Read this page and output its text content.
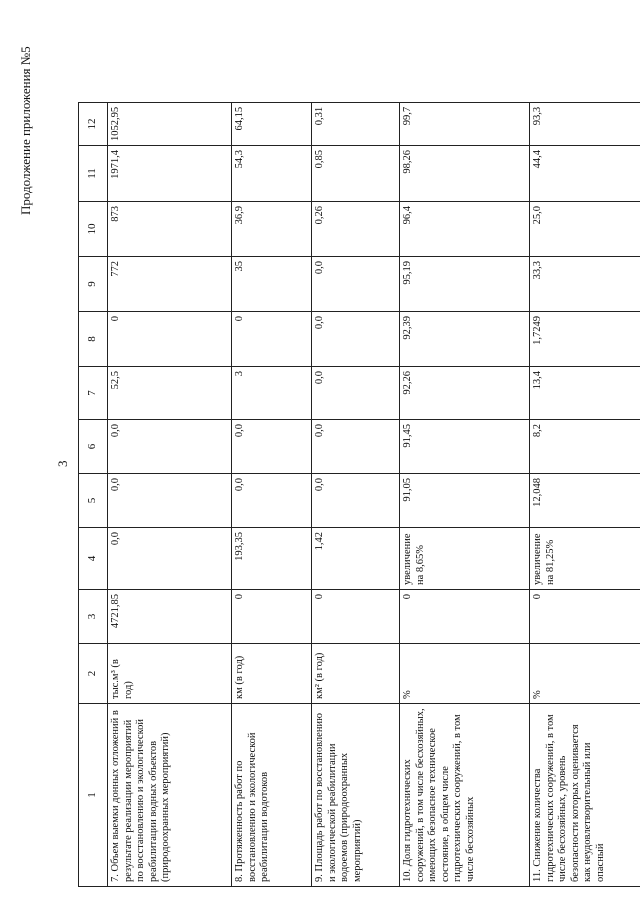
Продолжение приложения №5
3
1	2	3	4	5	6	7	8	9	10	11	12
7. Объем выемки донных отложений в результате реализации мероприятий по восстановлению и экологической реабилитации водных объектов (природоохранных мероприятий)	тыс.м³ (в год)	4721,85	0,0	0,0	0,0	52,5	0	772	873	1971,4	1052,95
8. Протяженность работ по восстановлению и экологической реабилитации водотоков	км (в год)	0	193,35	0,0	0,0	3	0	35	36,9	54,3	64,15
9. Площадь работ по восстановлению и экологической реабилитации водоемов (природоохранных мероприятий)	км² (в год)	0	1,42	0,0	0,0	0,0	0,0	0,0	0,26	0,85	0,31
10. Доля гидротехнических сооружений, в том числе бесхозяйных, имеющих безопасное техническое состояние, в общем числе гидротехнических сооружений, в том числе бесхозяйных	%	0	увеличение на 8,65%	91,05	91,45	92,26	92,39	95,19	96,4	98,26	99,7
11. Снижение количества гидротехнических сооружений, в том числе бесхозяйных, уровень безопасности которых оценивается как неудовлетворительный или опасный	%	0	увеличение на 81,25%	12,048	8,2	13,4	1,7249	33,3	25,0	44,4	93,3
